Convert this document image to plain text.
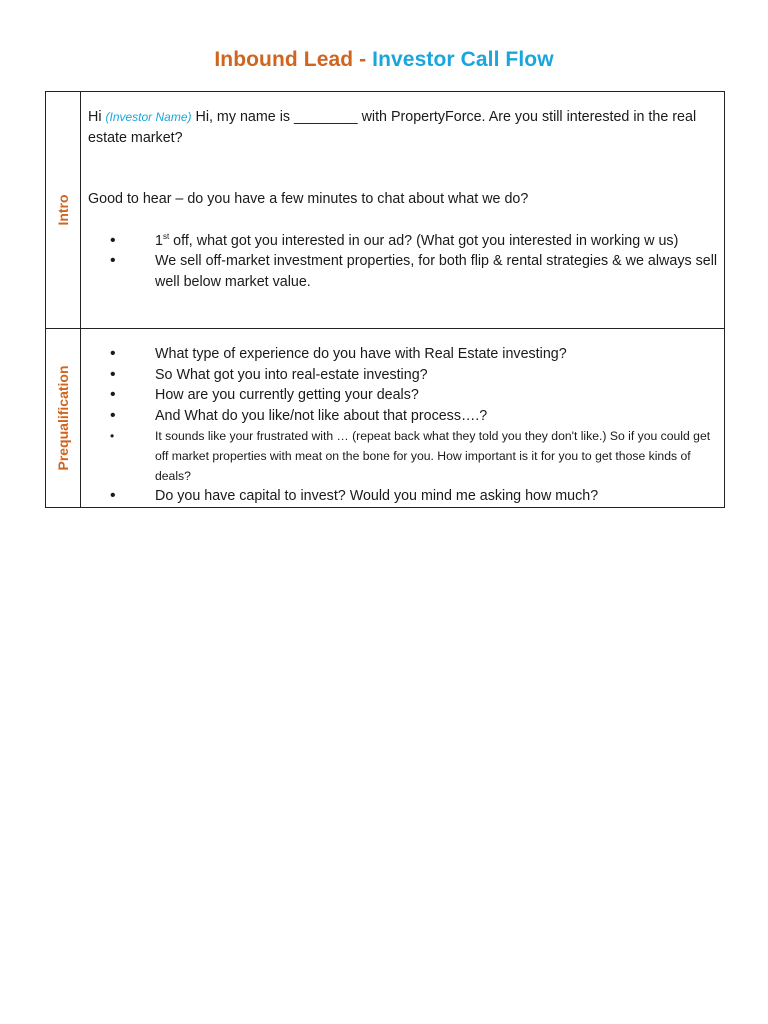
Inbound Lead - Investor Call Flow
Intro

Hi (Investor Name) Hi, my name is ________ with PropertyForce. Are you still interested in the real estate market?

Good to hear – do you have a few minutes to chat about what we do?

• 1st off, what got you interested in our ad? (What got you interested in working w us)
• We sell off-market investment properties, for both flip & rental strategies & we always sell well below market value.
Prequalification
• What type of experience do you have with Real Estate investing?
• So What got you into real-estate investing?
• How are you currently getting your deals?
• And What do you like/not like about that process….?
• It sounds like your frustrated with … (repeat back what they told you they don't like.) So if you could get off market properties with meat on the bone for you. How important is it for you to get those kinds of deals?
• Do you have capital to invest? Would you mind me asking how much?
